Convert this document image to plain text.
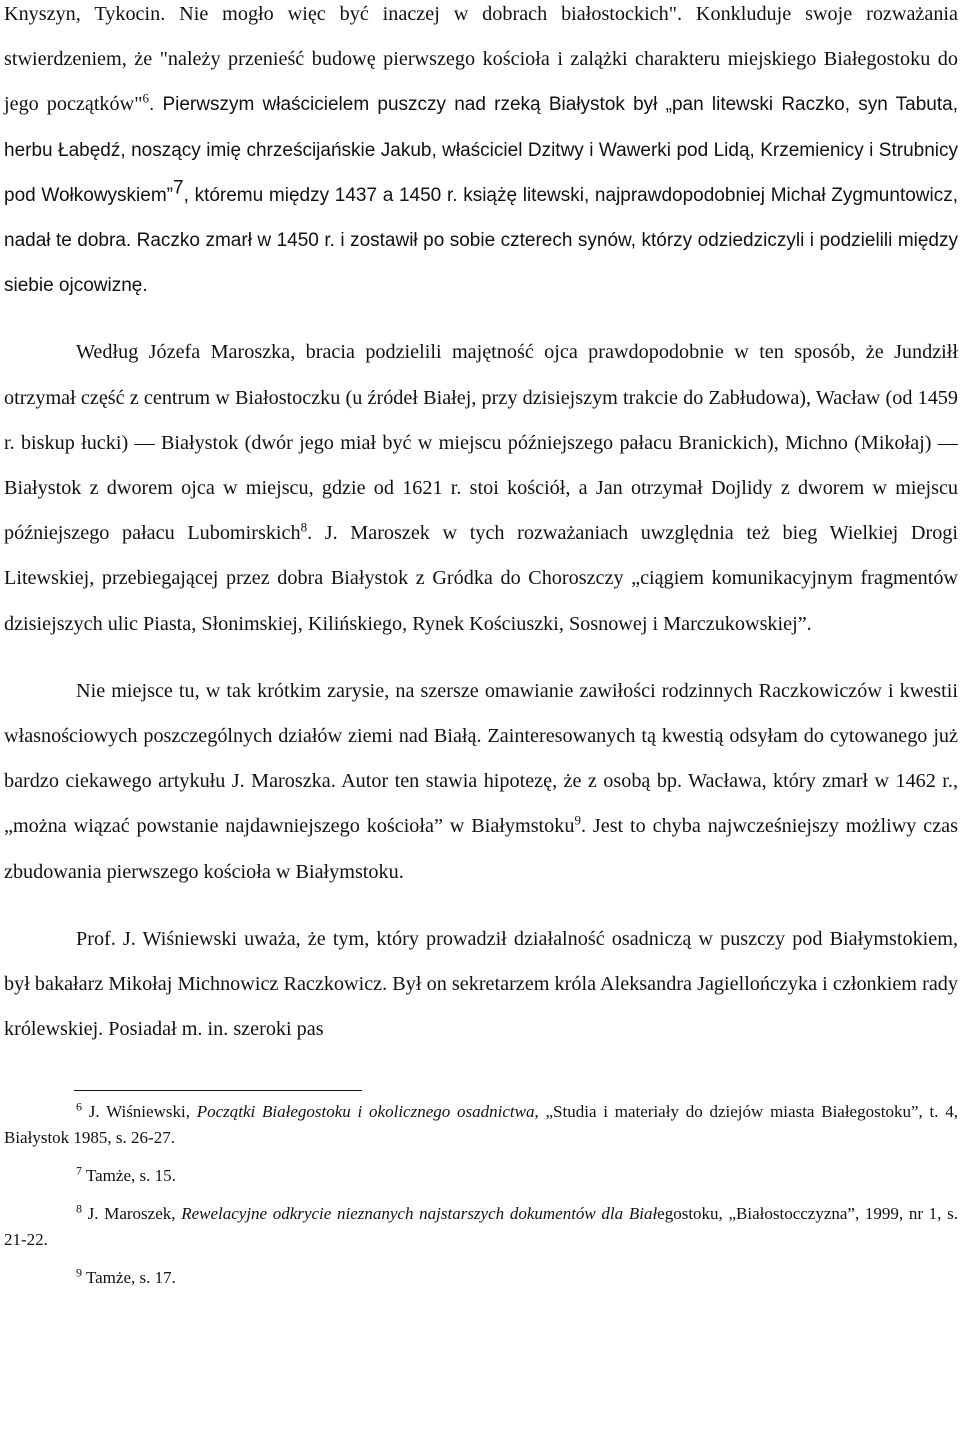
Knyszyn, Tykocin. Nie mogło więc być inaczej w dobrach białostockich". Konkluduje swoje rozważania stwierdzeniem, że "należy przenieść budowę pierwszego kościoła i zalążki charakteru miejskiego Białegostoku do jego początków"$^6$. Pierwszym właścicielem puszczy nad rzeką Białystok był „pan litewski Raczko, syn Tabuta, herbu Łabędź, noszący imię chrześcijańskie Jakub, właściciel Dzitwy i Wawerki pod Lidą, Krzemienicy i Strubnicy pod Wołkowyskiem”$^7$, któremu między 1437 a 1450 r. książę litewski, najprawdopodobniej Michał Zygmuntowicz, nadał te dobra. Raczko zmarł w 1450 r. i zostawił po sobie czterech synów, którzy odziedziczyli i podzielili między siebie ojcowiznę.

Według Józefa Maroszka, bracia podzielili majętność ojca prawdopodobnie w ten sposób, że Jundziłł otrzymał część z centrum w Białostoczku (u źródeł Białej, przy dzisiejszym trakcie do Zabłudowa), Wacław (od 1459 r. biskup łucki) ― Białystok (dwór jego miał być w miejscu późniejszego pałacu Branickich), Michno (Mikołaj) ― Białystok z dworem ojca w miejscu, gdzie od 1621 r. stoi kościół, a Jan otrzymał Dojlidy z dworem w miejscu późniejszego pałacu Lubomirskich$^8$. J. Maroszek w tych rozważaniach uwzględnia też bieg Wielkiej Drogi Litewskiej, przebiegającej przez dobra Białystok z Gródka do Choroszczy „ciągiem komunikacyjnym fragmentów dzisiejszych ulic Piasta, Słonimskiej, Kilińskiego, Rynek Kościuszki, Sosnowej i Marczukowskiej”.

Nie miejsce tu, w tak krótkim zarysie, na szersze omawianie zawiłości rodzinnych Raczkowiczów i kwestii własnościowych poszczególnych działów ziemi nad Białą. Zainteresowanych tą kwestią odsyłam do cytowanego już bardzo ciekawego artykułu J. Maroszka. Autor ten stawia hipotezę, że z osobą bp. Wacława, który zmarł w 1462 r., „można wiązać powstanie najdawniejszego kościoła” w Białymstoku$^9$. Jest to chyba najwcześniejszy możliwy czas zbudowania pierwszego kościoła w Białymstoku.

Prof. J. Wiśniewski uważa, że tym, który prowadził działalność osadniczą w puszczy pod Białymstokiem, był bakałarz Mikołaj Michnowicz Raczkowicz. Był on sekretarzem króla Aleksandra Jagiellończyka i członkiem rady królewskiej. Posiadał m. in. szeroki pas

$^6$ J. Wiśniewski, Początki Białegostoku i okolicznego osadnictwa, „Studia i materiały do dziejów miasta Białegostoku”, t. 4, Białystok 1985, s. 26-27.

$^7$ Tamże, s. 15.

$^8$ J. Maroszek, Rewelacyjne odkrycie nieznanych najstarszych dokumentów dla Białegostoku, „Białostocczyzna”, 1999, nr 1, s. 21-22.

$^9$ Tamże, s. 17.
